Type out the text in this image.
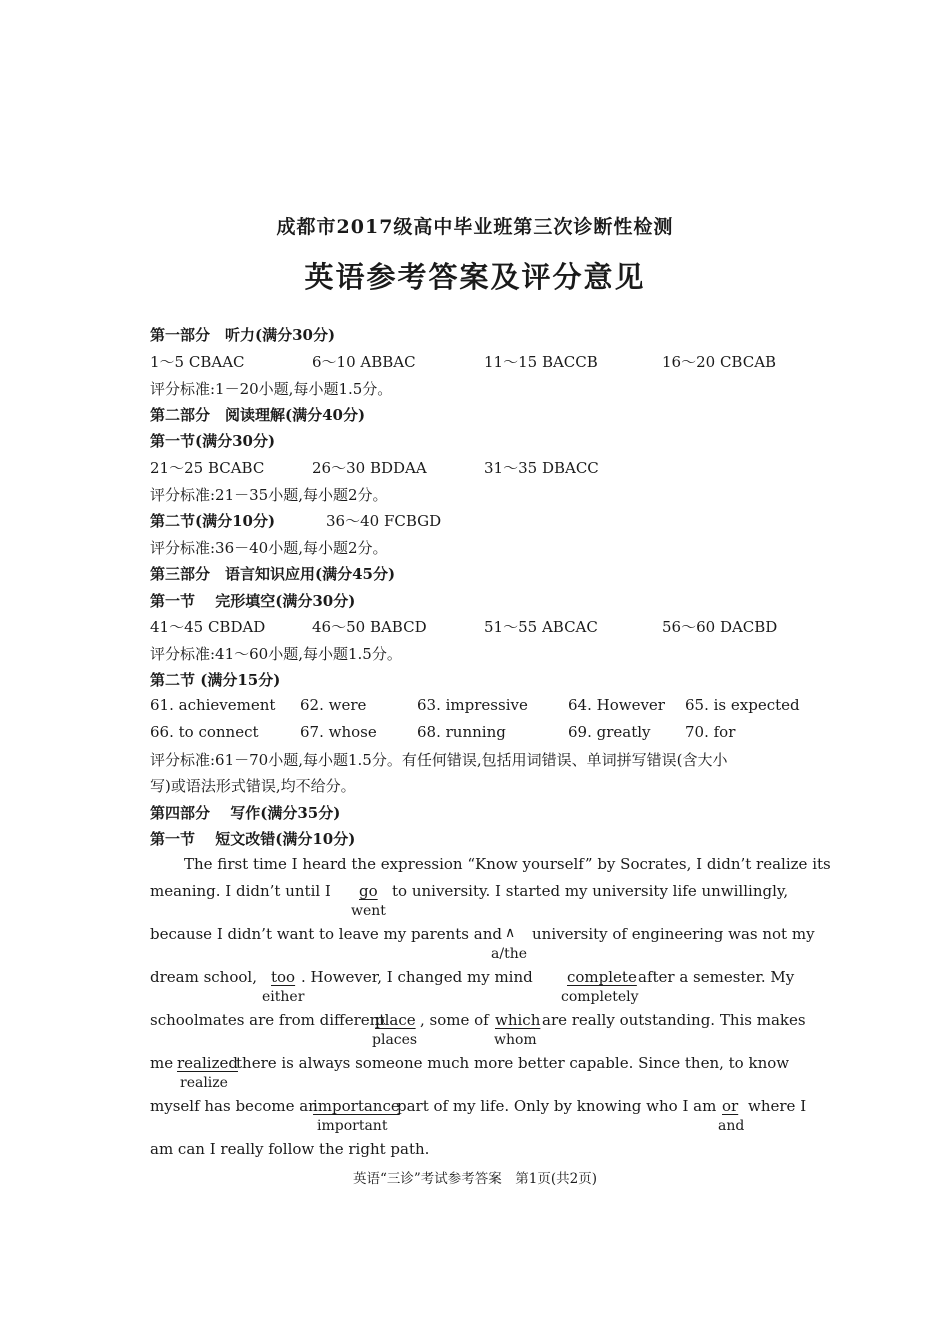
成都市2017级高中毕业班第三次诊断性检测
英语参考答案及评分意见
第一部分　听力(满分30分)
1～5 CBAAC	6～10 ABBAC	11～15 BACCB	16～20 CBCAB
评分标准:1－20小题,每小题1.5分。
第二部分　阅读理解(满分40分)
第一节(满分30分)
21～25 BCABC	26～30 BDDAA	31～35 DBACC
评分标准:21－35小题,每小题2分。
第二节(满分10分)	36～40 FCBGD
评分标准:36－40小题,每小题2分。
第三部分　语言知识应用(满分45分)
第一节　 完形填空(满分30分)
41～45 CBDAD	46～50 BABCD	51～55 ABCAC	56～60 DACBD
评分标准:41～60小题,每小题1.5分。
第二节 (满分15分)
61. achievement 62. were	63. impressive	64. However 65. is expected
66. to connect	67. whose	68. running	69. greatly 70. for
评分标准:61－70小题,每小题1.5分。有任何错误,包括用词错误、单词拼写错误(含大小
写)或语法形式错误,均不给分。
第四部分　 写作(满分35分)
第一节　 短文改错(满分10分)
The first time I heard the expression “Know yourself” by Socrates, I didn’t realize its
meaning. I didn’t until I go to university. I started my university life unwillingly,
went
because I didn’t want to leave my parents and ∧ university of engineering was not my
a/the
dream school, too . However, I changed my mind complete after a semester. My
either	completely
schoolmates are from different
place , some of which are really outstanding. This makes
places	whom
me realized
there is always someone much more better capable. Since then, to know
realize
myself has become an
importance
part of my life. Only by knowing who I am or where I
important	and
am can I really follow the right path.
英语“三诊”考试参考答案　第1页(共2页)
